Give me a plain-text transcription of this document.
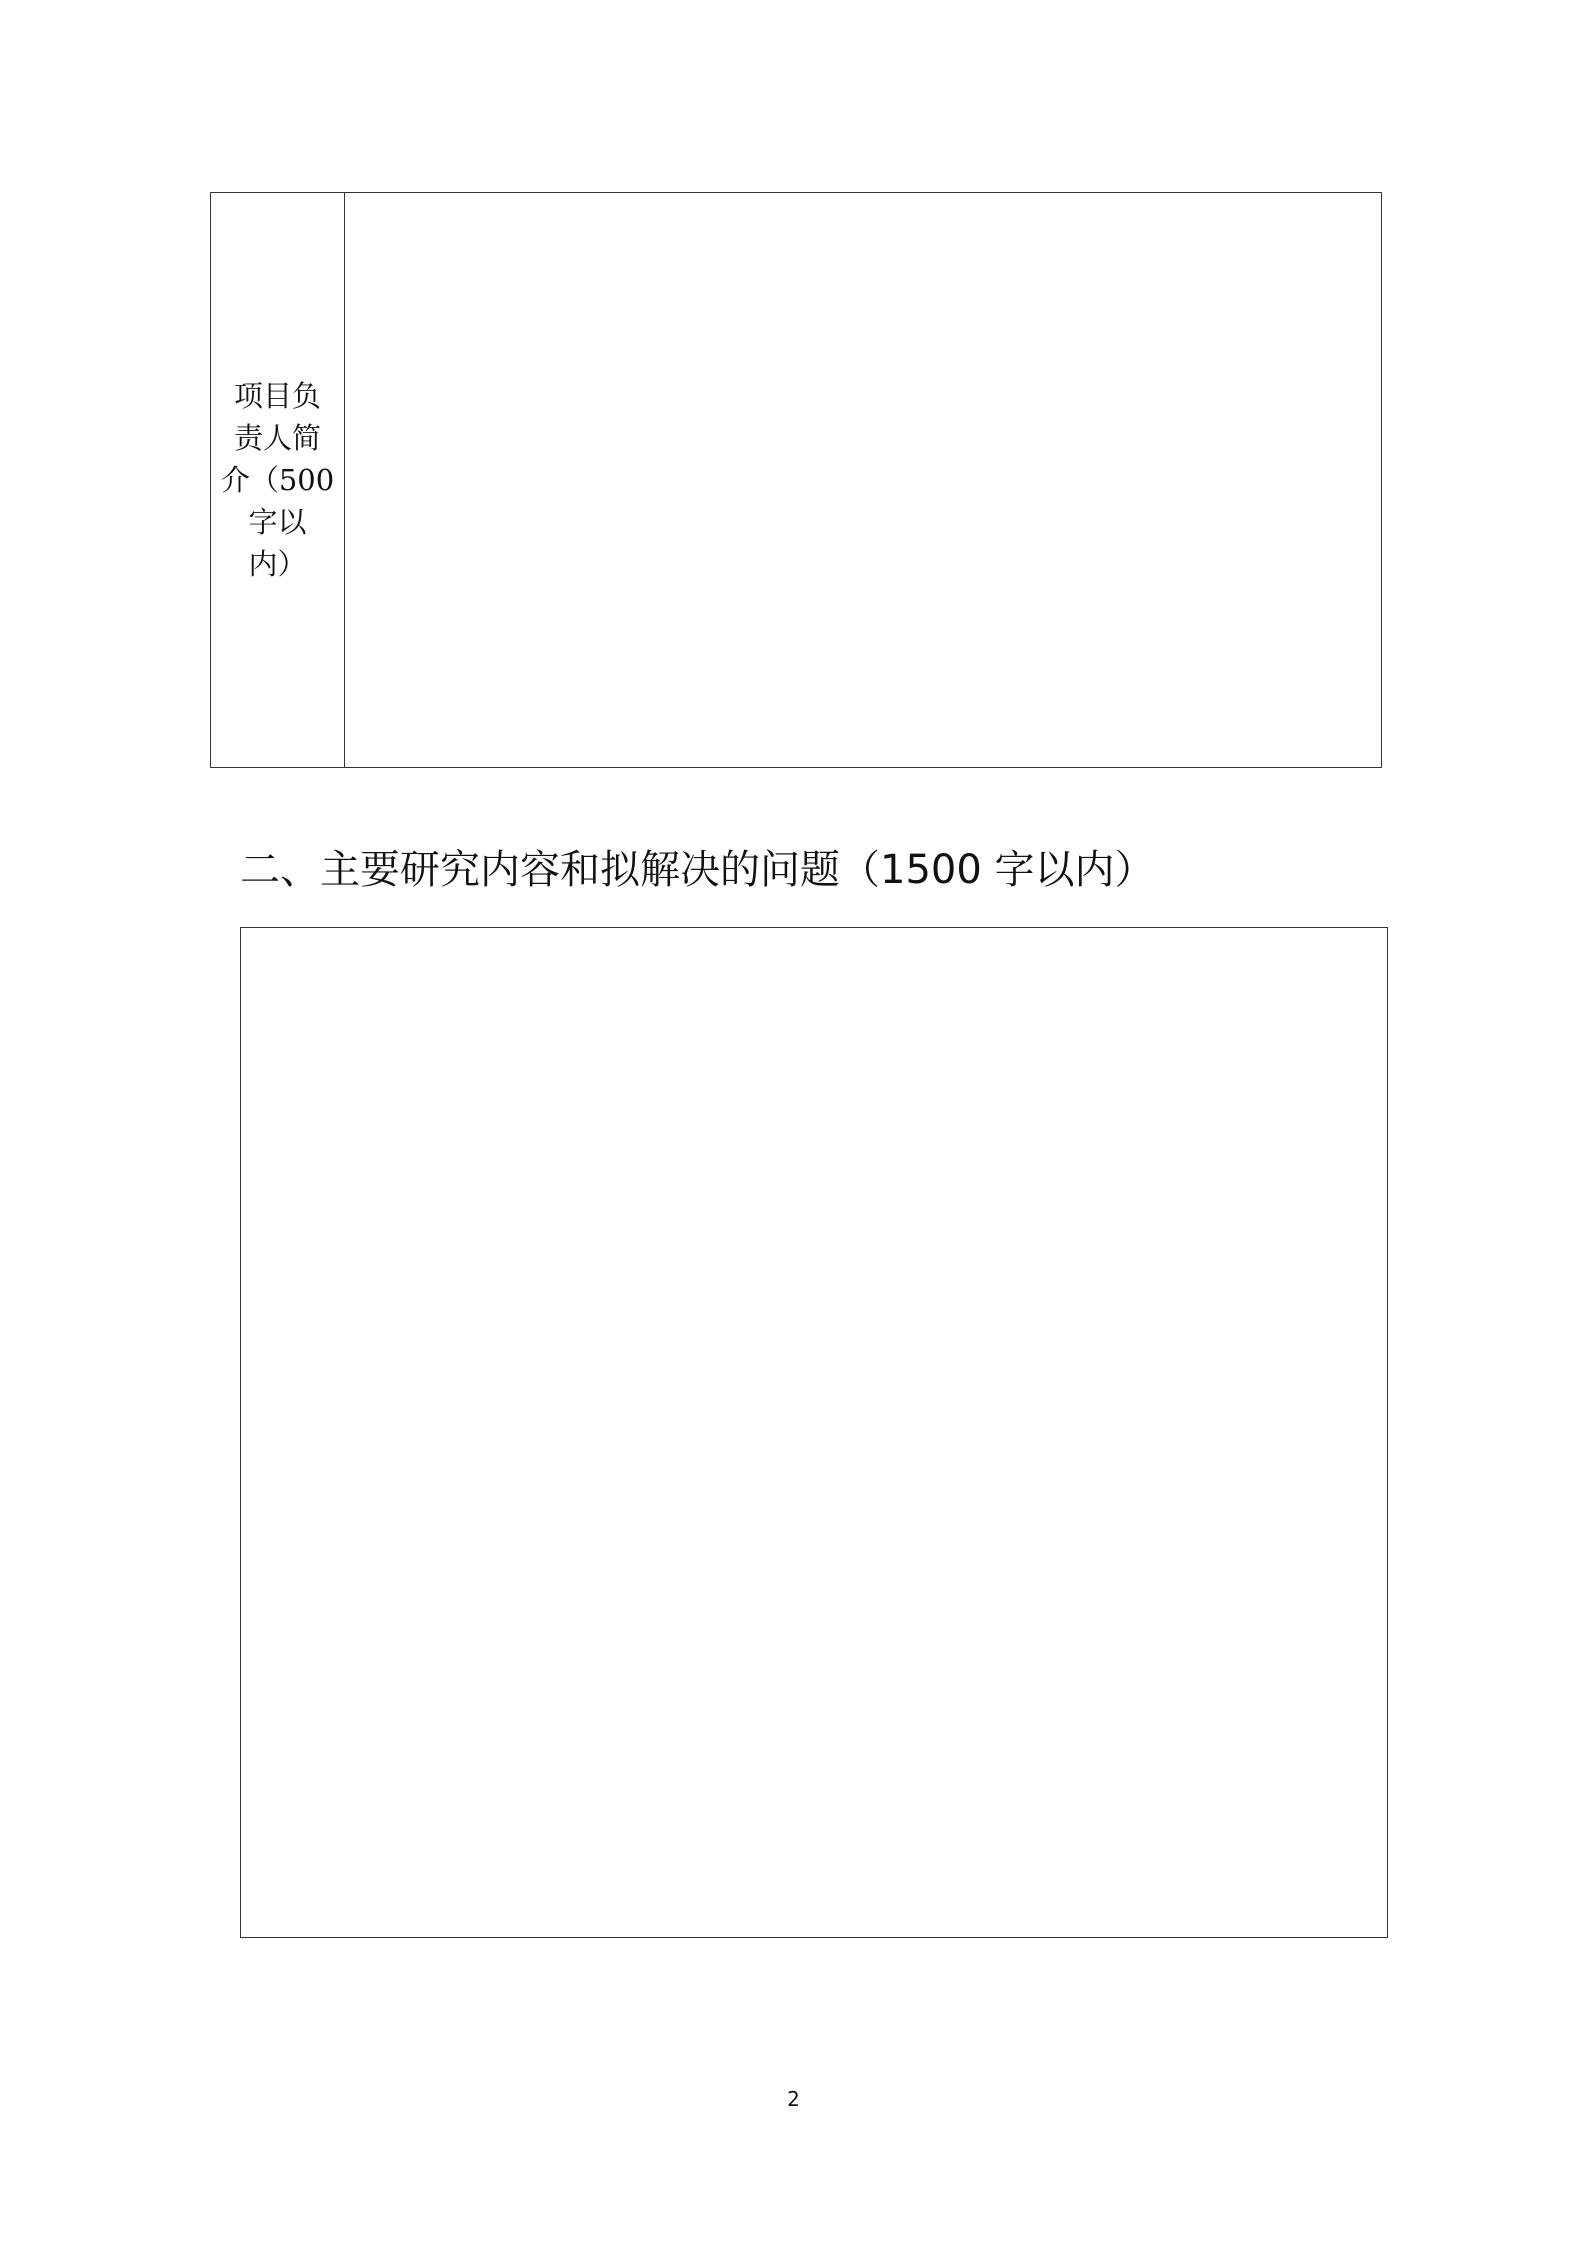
项目负
责人简
介（500
字以
内）
二、主要研究内容和拟解决的问题（1500 字以内）
2
